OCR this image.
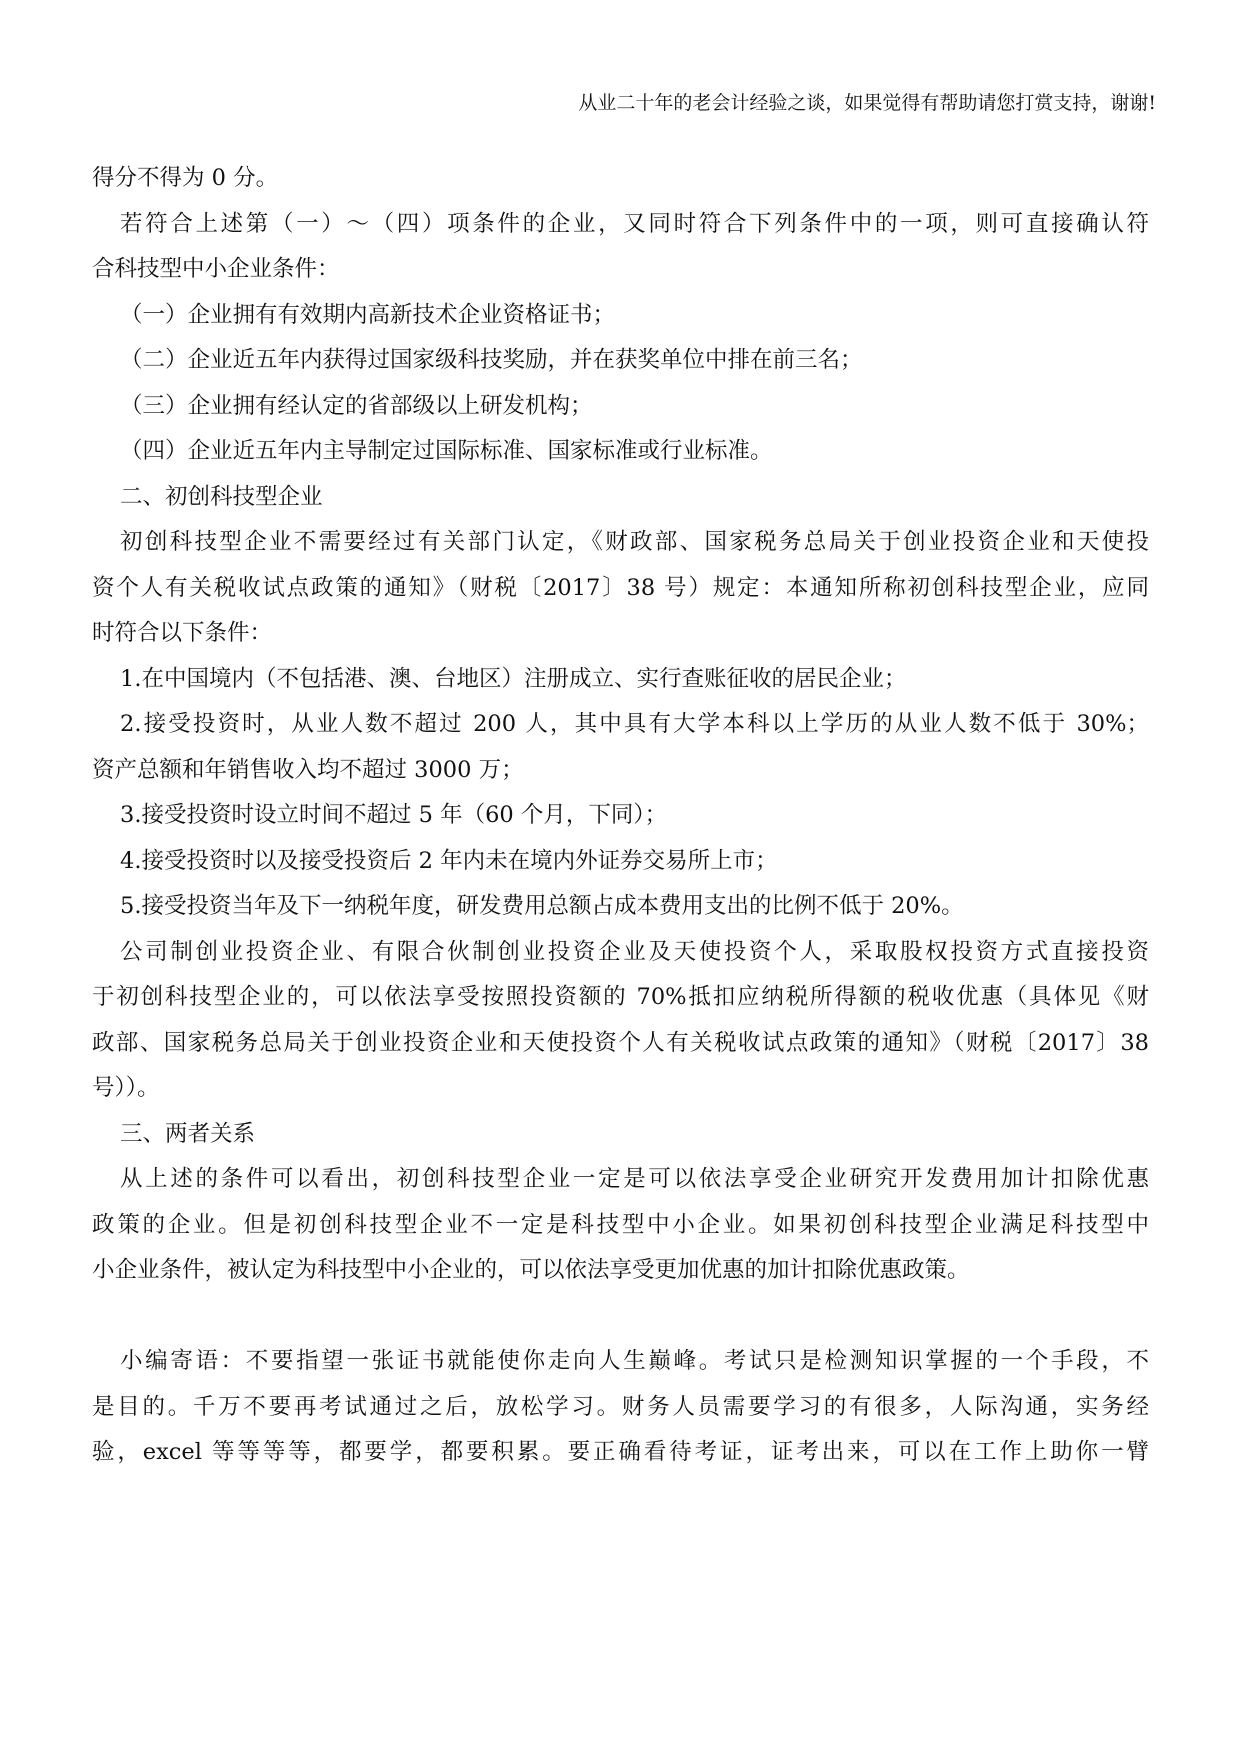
从业二十年的老会计经验之谈，如果觉得有帮助请您打赏支持，谢谢!
得分不得为 0 分。
若符合上述第（一）～（四）项条件的企业，又同时符合下列条件中的一项，则可直接确认符
合科技型中小企业条件：
（一）企业拥有有效期内高新技术企业资格证书；
（二）企业近五年内获得过国家级科技奖励，并在获奖单位中排在前三名；
（三）企业拥有经认定的省部级以上研发机构；
（四）企业近五年内主导制定过国际标准、国家标准或行业标准。
二、初创科技型企业
初创科技型企业不需要经过有关部门认定，《财政部、国家税务总局关于创业投资企业和天使投
资个人有关税收试点政策的通知》（财税〔2017〕38 号）规定：本通知所称初创科技型企业，应同
时符合以下条件：
1.在中国境内（不包括港、澳、台地区）注册成立、实行查账征收的居民企业；
2.接受投资时，从业人数不超过 200 人，其中具有大学本科以上学历的从业人数不低于 30%；
资产总额和年销售收入均不超过 3000 万；
3.接受投资时设立时间不超过 5 年（60 个月，下同）；
4.接受投资时以及接受投资后 2 年内未在境内外证券交易所上市；
5.接受投资当年及下一纳税年度，研发费用总额占成本费用支出的比例不低于 20%。
公司制创业投资企业、有限合伙制创业投资企业及天使投资个人，采取股权投资方式直接投资
于初创科技型企业的，可以依法享受按照投资额的 70%抵扣应纳税所得额的税收优惠（具体见《财
政部、国家税务总局关于创业投资企业和天使投资个人有关税收试点政策的通知》（财税〔2017〕38
号））。
三、两者关系
从上述的条件可以看出，初创科技型企业一定是可以依法享受企业研究开发费用加计扣除优惠
政策的企业。但是初创科技型企业不一定是科技型中小企业。如果初创科技型企业满足科技型中
小企业条件，被认定为科技型中小企业的，可以依法享受更加优惠的加计扣除优惠政策。
小编寄语：不要指望一张证书就能使你走向人生巅峰。考试只是检测知识掌握的一个手段，不
是目的。千万不要再考试通过之后，放松学习。财务人员需要学习的有很多，人际沟通，实务经
验，excel 等等等等，都要学，都要积累。要正确看待考证，证考出来，可以在工作上助你一臂
